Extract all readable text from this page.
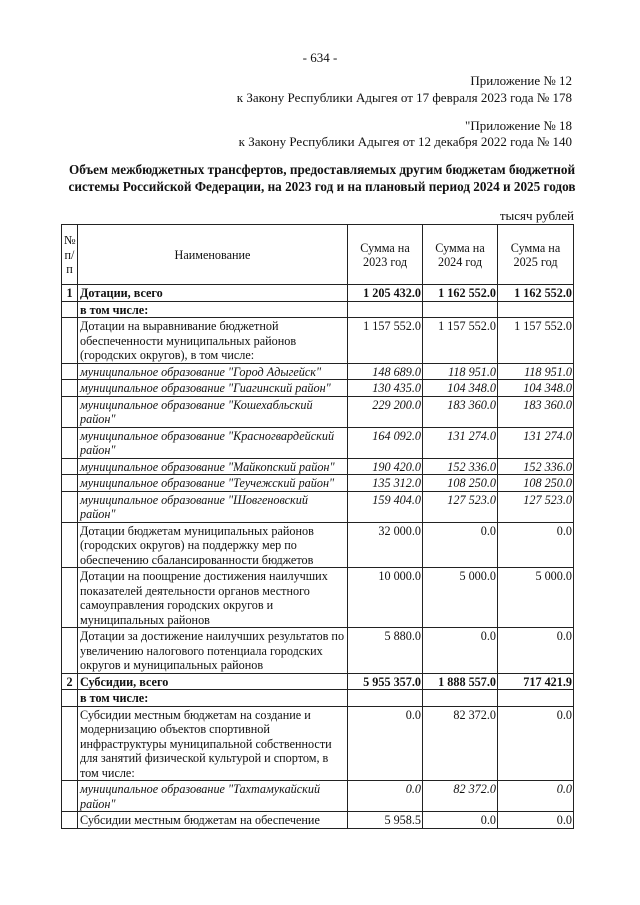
- 634 -
Приложение № 12
к Закону Республики Адыгея от 17 февраля 2023 года № 178
"Приложение № 18
к Закону Республики Адыгея от 12 декабря 2022 года № 140
Объем межбюджетных трансфертов, предоставляемых другим бюджетам бюджетной системы Российской Федерации, на 2023 год и на плановый период 2024 и 2025 годов
тысяч рублей
№ п/п	Наименование	Сумма на 2023 год	Сумма на 2024 год	Сумма на 2025 год
1	Дотации, всего	1 205 432.0	1 162 552.0	1 162 552.0
	в том числе:			
	Дотации на выравнивание бюджетной обеспеченности муниципальных районов (городских округов), в том числе:	1 157 552.0	1 157 552.0	1 157 552.0
	муниципальное образование "Город Адыгейск"	148 689.0	118 951.0	118 951.0
	муниципальное образование "Гиагинский район"	130 435.0	104 348.0	104 348.0
	муниципальное образование "Кошехабльский район"	229 200.0	183 360.0	183 360.0
	муниципальное образование "Красногвардейский район"	164 092.0	131 274.0	131 274.0
	муниципальное образование "Майкопский район"	190 420.0	152 336.0	152 336.0
	муниципальное образование "Теучежский район"	135 312.0	108 250.0	108 250.0
	муниципальное образование "Шовгеновский район"	159 404.0	127 523.0	127 523.0
	Дотации бюджетам муниципальных районов (городских округов) на поддержку мер по обеспечению сбалансированности бюджетов	32 000.0	0.0	0.0
	Дотации на поощрение достижения наилучших показателей деятельности органов местного самоуправления городских округов и муниципальных районов	10 000.0	5 000.0	5 000.0
	Дотации за достижение наилучших результатов по увеличению налогового потенциала городских округов и муниципальных районов	5 880.0	0.0	0.0
2	Субсидии, всего	5 955 357.0	1 888 557.0	717 421.9
	в том числе:			
	Субсидии местным бюджетам на создание и модернизацию объектов спортивной инфраструктуры муниципальной собственности для занятий физической культурой и спортом, в том числе:	0.0	82 372.0	0.0
	муниципальное образование "Тахтамукайский район"	0.0	82 372.0	0.0
	Субсидии местным бюджетам на обеспечение	5 958.5	0.0	0.0
